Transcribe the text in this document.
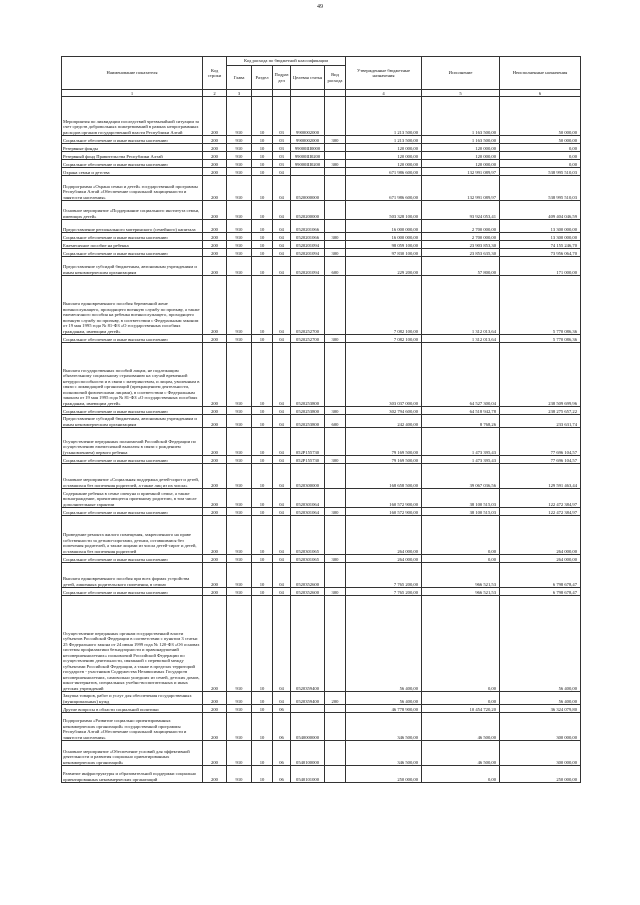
49
Наименование показателя	Код строки	Код расхода по бюджетной классификации					Утвержденные бюджетные назначения	Исполнение	Неисполненные назначения
		Глава	Раздел	Подраз дел	Целевая статья	Вид расхода			
1	2	3					4	5	6
Мероприятия по ликвидации последствий чрезвычайной ситуации за счет средств добровольных пожертвований в рамках непрограммных расходов органов государственной власти Республики Алтай	200	910	10	03	9900002000		1 213 500,00	1 163 500,00	50 000,00
Социальное обеспечение и иные выплаты населению	200	910	10	03	9900002000	300	1 213 500,00	1 163 500,00	50 000,00
Резервные фонды	200	910	10	03	99000Ш0000		120 000,00	120 000,00	0,00
Резервный фонд Правительства Республики Алтай	200	910	10	03	99000Ш0200		120 000,00	120 000,00	0,00
Социальное обеспечение и иные выплаты населению	200	910	10	03	99000Ш0200	300	120 000,00	120 000,00	0,00
Охрана семьи и детства	200	910	10	04			671 986 600,00	132 991 089,97	538 995 510,03
Подпрограмма «Охрана семьи и детей» государственной программы Республики Алтай «Обеспечение социальной защищенности и занятости населения»	200	910	10	04	0520000000		671 986 600,00	132 991 089,97	538 995 510,03
Основное мероприятие «Поддержание социального института семьи, имеющих детей»	200	910	10	04	0520200000		503 328 100,00	93 924 053,41	409 404 046,59
Предоставление регионального материнского (семейного) капитала	200	910	10	04	0520201066		16 000 000,00	2 700 000,00	13 300 000,00
Социальное обеспечение и иные выплаты населению	200	910	10	04	0520201066	300	16 000 000,00	2 700 000,00	13 300 000,00
Ежемесячное пособие на ребенка	200	910	10	04	0520201094		98 059 100,00	23 903 853,30	74 155 246,70
Социальное обеспечение и иные выплаты населению	200	910	10	04	0520201094	300	97 830 100,00	23 853 635,30	73 956 064,70
Предоставление субсидий бюджетным, автономным учреждениям и иным некоммерческим организациям	200	910	10	04	0520201094	600	229 200,00	57 800,00	171 000,00
Выплата единовременного пособия беременной жене военнослужащего, проходящего военную службу по призыву, а также ежемесячного пособия на ребенка военнослужащего, проходящего военную службу по призыву, в соответствии с Федеральным законом от 19 мая 1995 года № 81-ФЗ «О государственных пособиях гражданам, имеющим детей»	200	910	10	04	0520252700		7 082 100,00	1 312 013,64	5 770 086,36
Социальное обеспечение и иные выплаты населению	200	910	10	04	0520252700	300	7 082 100,00	1 312 013,64	5 770 086,36
Выплата государственных пособий лицам, не подлежащим обязательному социальному страхованию на случай временной нетрудоспособности и в связи с материнством, и лицам, уволенным в связи с ликвидацией организаций (прекращением деятельности, полномочий физическими лицами), в соответствии с Федеральным законом от 19 мая 1995 года № 81-ФЗ «О государственных пособиях гражданам, имеющим детей»	200	910	10	04	0520253800		303 037 000,00	64 527 300,04	238 509 699,96
Социальное обеспечение и иные выплаты населению	200	910	10	04	0520253800	300	302 794 600,00	64 518 942,78	238 275 657,22
Предоставление субсидий бюджетным, автономным учреждениям и иным некоммерческим организациям	200	910	10	04	0520253800	600	242 400,00	8 768,26	233 631,74
Осуществление переданных полномочий Российской Федерации по осуществлению ежемесячной выплаты в связи с рождением (усыновлением) первого ребенка	200	910	10	04	052Р155730		79 169 500,00	1 473 395,43	77 696 104,57
Социальное обеспечение и иные выплаты населению	200	910	10	04	052Р155730	300	79 169 500,00	1 473 395,43	77 696 104,57
Основное мероприятие «Социальная поддержка детей-сирот и детей, оставшихся без попечения родителей, а также лиц из их числа»	200	910	10	04	0520300000		168 658 500,00	39 067 036,56	129 591 463,44
Содержание ребенка в семье опекуна и приемной семье, а также вознаграждение, причитающееся приемному родителю, в том числе дополнительные гарантии	200	910	10	04	0520301064		160 572 900,00	38 100 515,03	122 472 384,97
Социальное обеспечение и иные выплаты населению	200	910	10	04	0520301064	300	160 572 900,00	38 100 515,03	122 472 384,97
Проведение ремонта жилого помещения, закрепленного на праве собственности за детьми-сиротами, детьми, оставшимися без попечения родителей, а также лицами из числа детей-сирот и детей, оставшихся без попечения родителей	200	910	10	04	0520301065		264 000,00	0,00	264 000,00
Социальное обеспечение и иные выплаты населению	200	910	10	04	0520301065	300	264 000,00	0,00	264 000,00
Выплата единовременного пособия при всех формах устройства детей, лишенных родительского попечения, в семью	200	910	10	04	0520352600		7 765 200,00	966 521,53	6 798 678,47
Социальное обеспечение и иные выплаты населению	200	910	10	04	0520352600	300	7 765 200,00	966 521,53	6 798 678,47
Осуществление переданных органам государственной власти субъектов Российской Федерации в соответствии с пунктом 3 статьи 25 Федерального закона от 24 июня 1999 года № 120-ФЗ «Об основах системы профилактики безнадзорности и правонарушений несовершеннолетних» полномочий Российской Федерации по осуществлению деятельности, связанной с перевозкой между субъектами Российской Федерации, а также в пределах территорий государств - участников Содружества Независимых Государств несовершеннолетних, самовольно ушедших из семей, детских домов, школ-интернатов, специальных учебно-воспитательных и иных детских учреждений	200	910	10	04	0520359400		56 400,00	0,00	56 400,00
Закупка товаров, работ и услуг для обеспечения государственных (муниципальных) нужд	200	910	10	04	0520359400	200	56 400,00	0,00	56 400,00
Другие вопросы в области социальной политики	200	910	10	06			46 778 900,00	10 454 720,20	36 324 079,80
Подпрограмма «Развитие социально ориентированных некоммерческих организаций» государственной программы Республики Алтай «Обеспечение социальной защищенности и занятости населения»	200	910	10	06	0540000000		346 500,00	46 500,00	300 000,00
Основное мероприятие «Обеспечение условий для эффективной деятельности и развития социально ориентированных некоммерческих организаций»	200	910	10	06	0540100000		346 500,00	46 500,00	300 000,00
Развитие инфраструктуры и образовательной поддержки социально ориентированных некоммерческих организаций	200	910	10	06	0540101000		250 000,00	0,00	250 000,00
